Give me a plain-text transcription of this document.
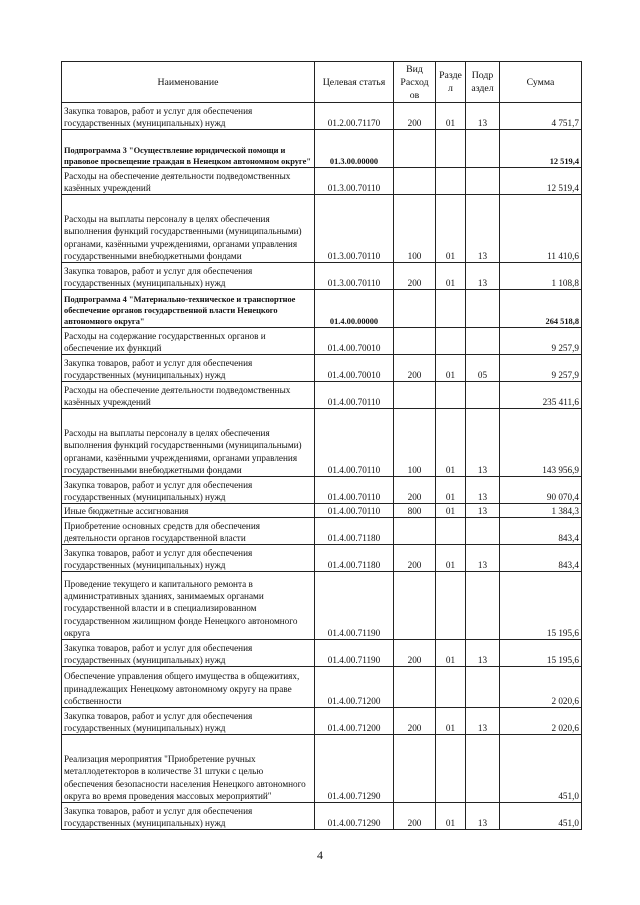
Наименование	Целевая статья	Вид Расход ов	Разде л	Подр аздел	Сумма
Закупка товаров, работ и услуг для обеспечения государственных (муниципальных) нужд	01.2.00.71170	200	01	13	4 751,7
Подпрограмма 3 "Осуществление юридической помощи и правовое просвещение граждан в Ненецком автономном округе"	01.3.00.00000				12 519,4
Расходы на обеспечение деятельности подведомственных казённых учреждений	01.3.00.70110				12 519,4
Расходы на выплаты персоналу в целях обеспечения выполнения функций государственными (муниципальными) органами, казёнными учреждениями, органами управления государственными внебюджетными фондами	01.3.00.70110	100	01	13	11 410,6
Закупка товаров, работ и услуг для обеспечения государственных (муниципальных) нужд	01.3.00.70110	200	01	13	1 108,8
Подпрограмма 4 "Материально-техническое и транспортное обеспечение органов государственной власти Ненецкого автономного округа"	01.4.00.00000				264 518,8
Расходы на содержание государственных органов и обеспечение их функций	01.4.00.70010				9 257,9
Закупка товаров, работ и услуг для обеспечения государственных (муниципальных) нужд	01.4.00.70010	200	01	05	9 257,9
Расходы на обеспечение деятельности подведомственных казённых учреждений	01.4.00.70110				235 411,6
Расходы на выплаты персоналу в целях обеспечения выполнения функций государственными (муниципальными) органами, казёнными учреждениями, органами управления государственными внебюджетными фондами	01.4.00.70110	100	01	13	143 956,9
Закупка товаров, работ и услуг для обеспечения государственных (муниципальных) нужд	01.4.00.70110	200	01	13	90 070,4
Иные бюджетные ассигнования	01.4.00.70110	800	01	13	1 384,3
Приобретение основных средств для обеспечения деятельности органов государственной власти	01.4.00.71180				843,4
Закупка товаров, работ и услуг для обеспечения государственных (муниципальных) нужд	01.4.00.71180	200	01	13	843,4
Проведение текущего и капитального ремонта в административных зданиях, занимаемых органами государственной власти и в специализированном государственном жилищном фонде Ненецкого автономного округа	01.4.00.71190				15 195,6
Закупка товаров, работ и услуг для обеспечения государственных (муниципальных) нужд	01.4.00.71190	200	01	13	15 195,6
Обеспечение управления общего имущества в общежитиях, принадлежащих Ненецкому автономному округу на праве собственности	01.4.00.71200				2 020,6
Закупка товаров, работ и услуг для обеспечения государственных (муниципальных) нужд	01.4.00.71200	200	01	13	2 020,6
Реализация мероприятия "Приобретение ручных металлодетекторов в количестве 31 штуки с целью обеспечения безопасности населения Ненецкого автономного округа во время проведения массовых мероприятий"	01.4.00.71290				451,0
Закупка товаров, работ и услуг для обеспечения государственных (муниципальных) нужд	01.4.00.71290	200	01	13	451,0
4
